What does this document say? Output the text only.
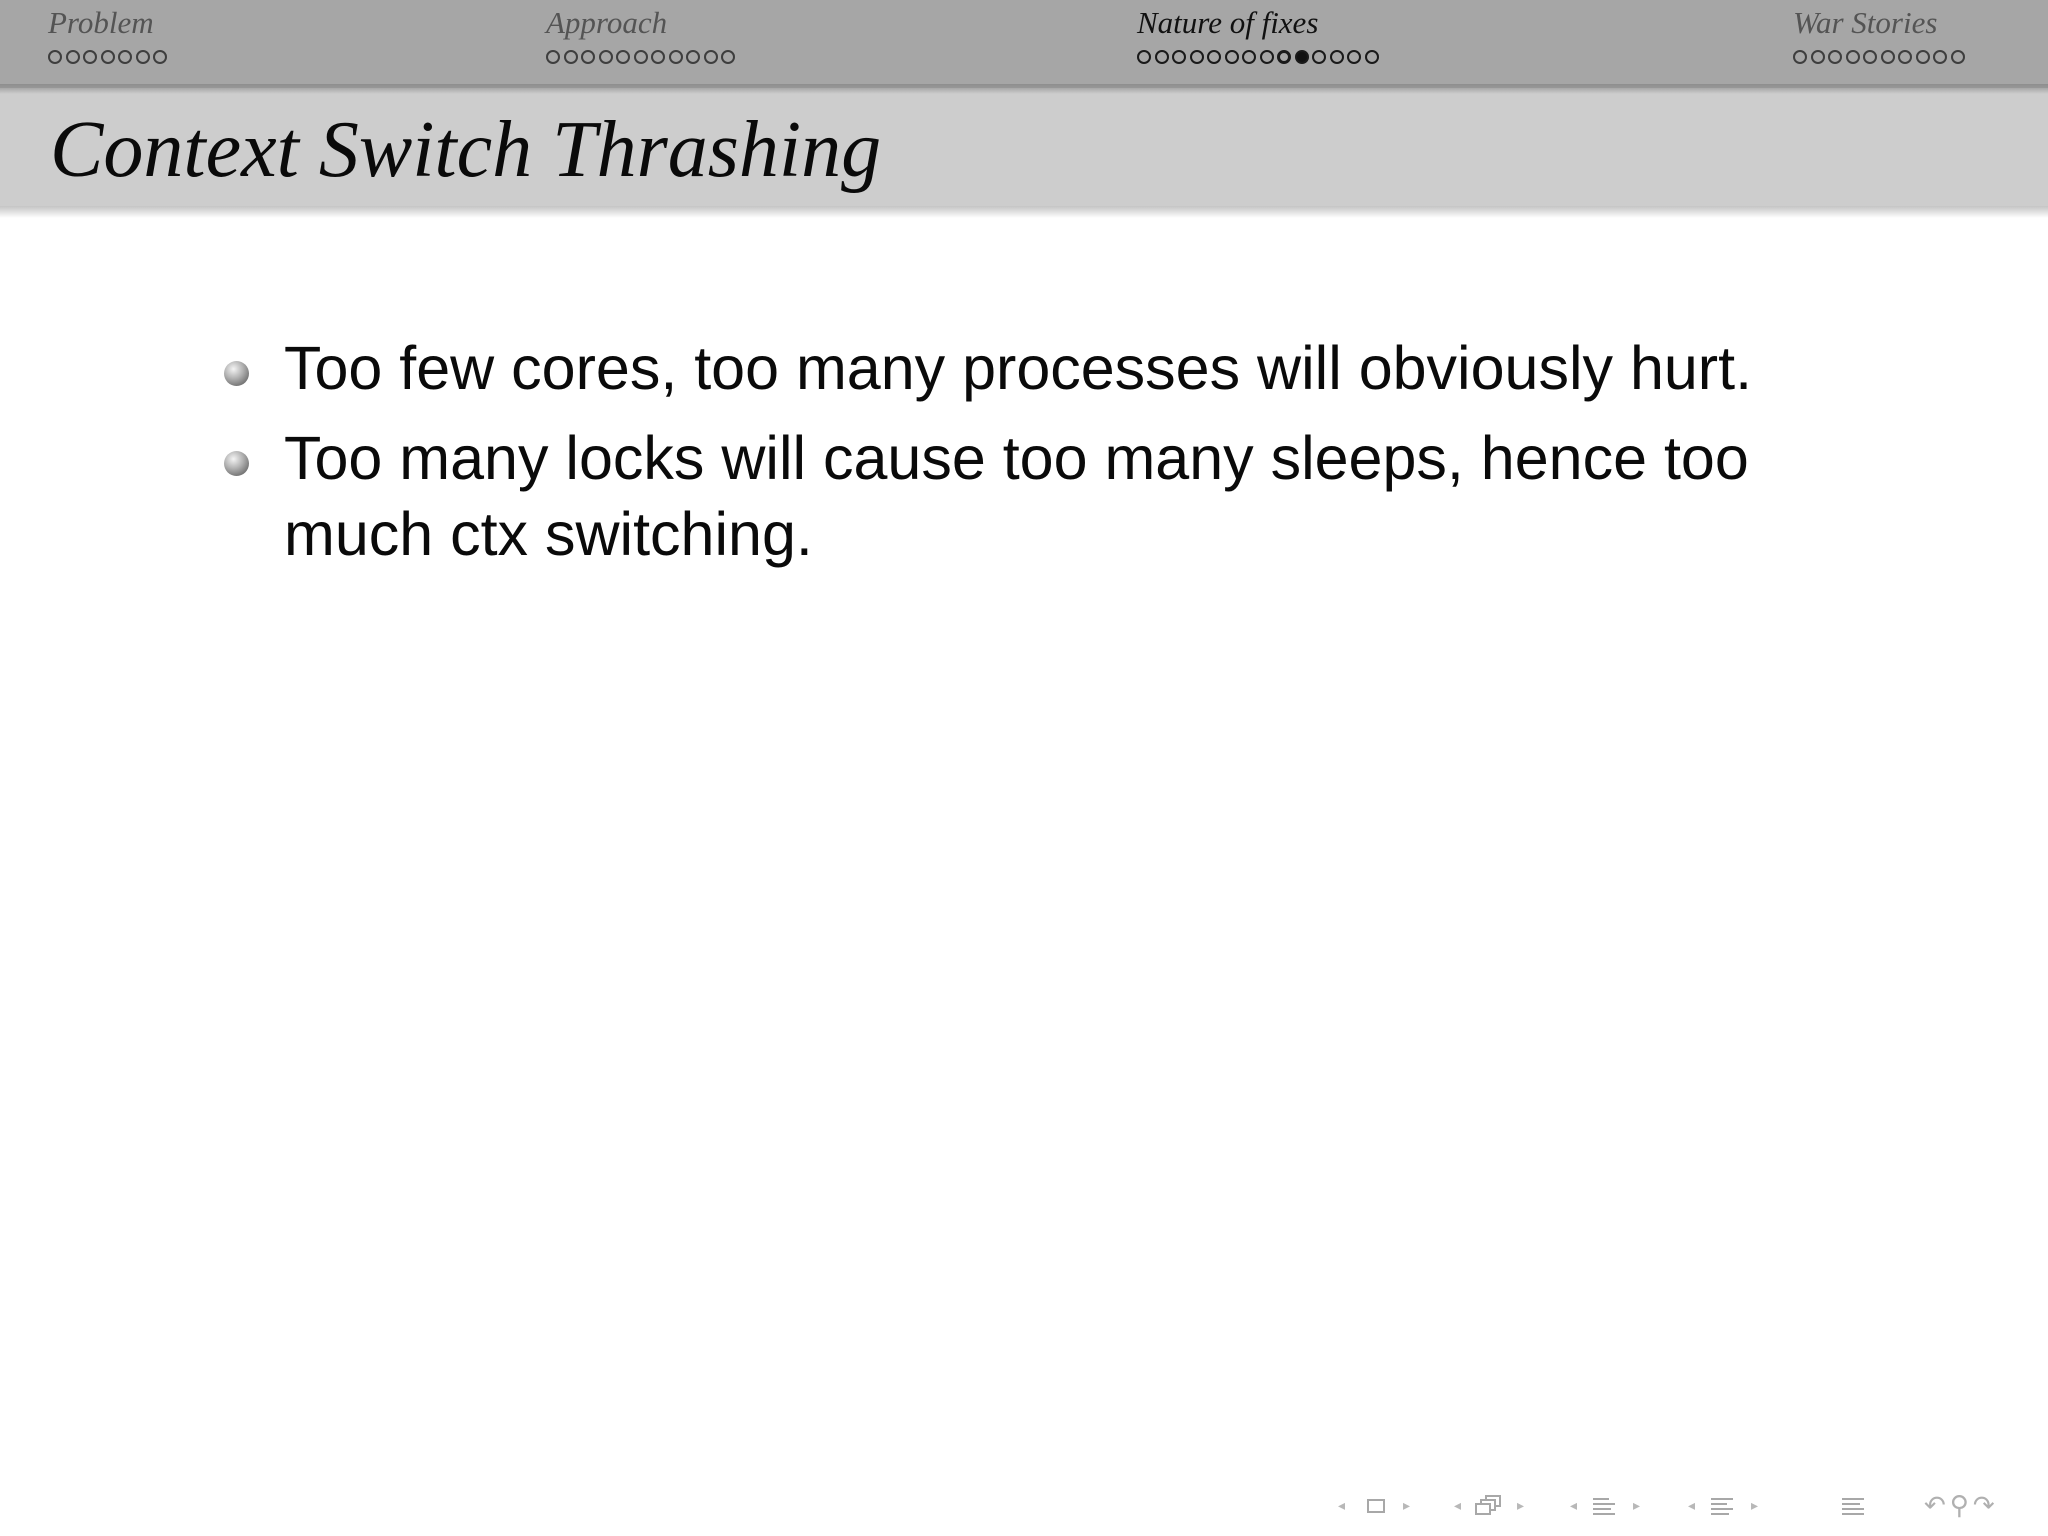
Problem	Approach	Nature of fixes	War Stories
Context Switch Thrashing
Too few cores, too many processes will obviously hurt.
Too many locks will cause too many sleeps, hence too much ctx switching.
◂	▸	◂	▸	◂	▸	◂	▸	↶ ⚲ ↷
